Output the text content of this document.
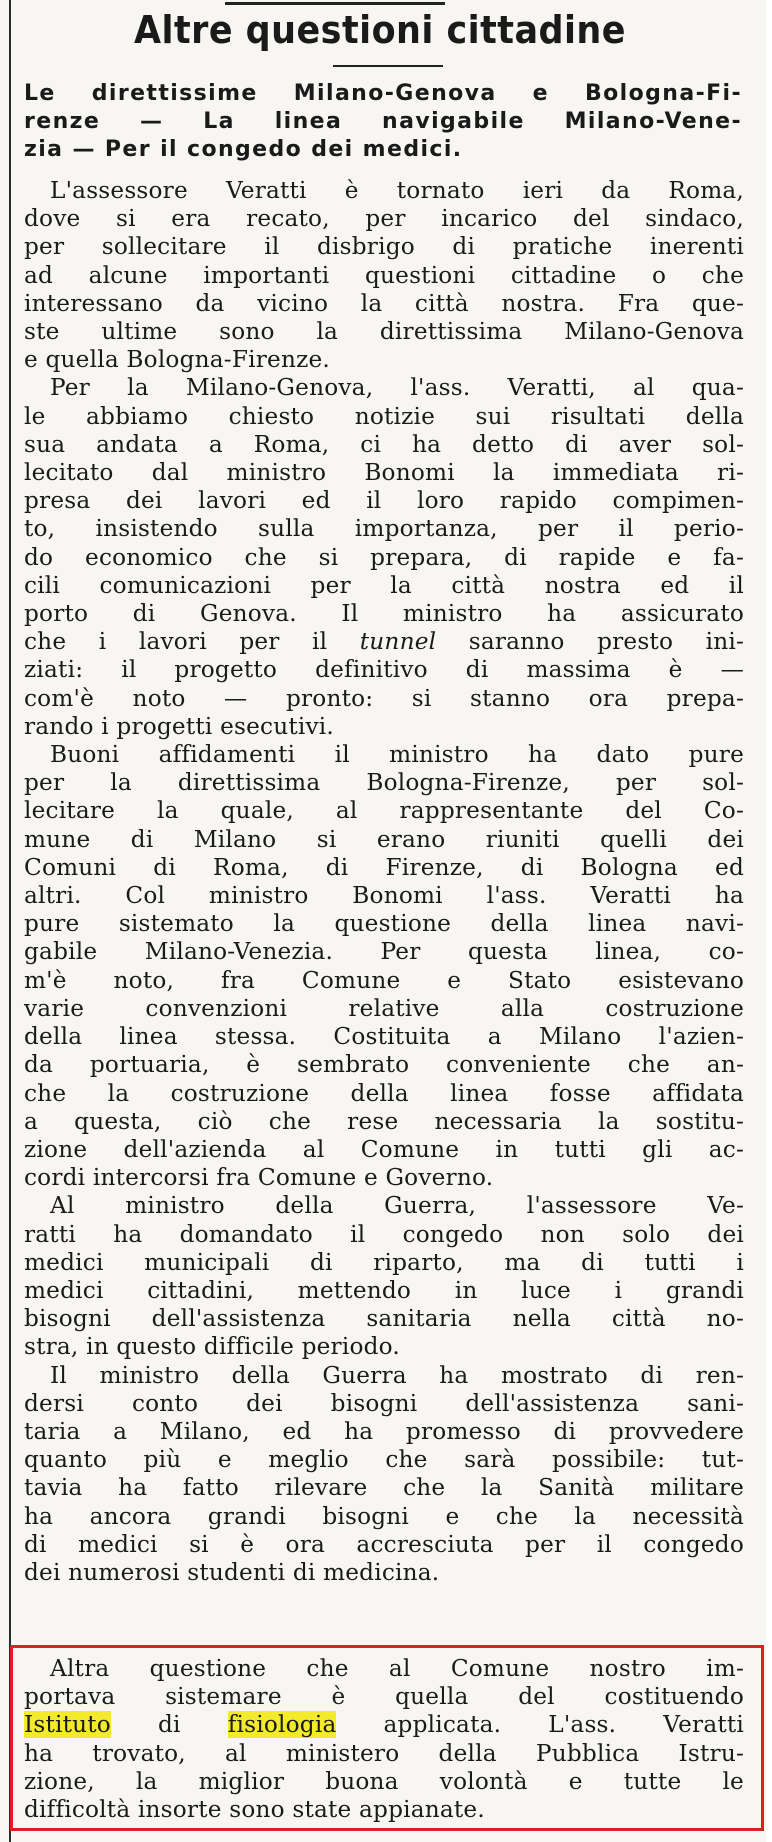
Altre questioni cittadine
Le direttissime Milano-Genova e Bologna-Fi-
renze — La linea navigabile Milano-Vene-
zia — Per il congedo dei medici.
L'assessore Veratti è tornato ieri da Roma,
dove si era recato, per incarico del sindaco,
per sollecitare il disbrigo di pratiche inerenti
ad alcune importanti questioni cittadine o che
interessano da vicino la città nostra. Fra que-
ste ultime sono la direttissima Milano-Genova
e quella Bologna-Firenze.
Per la Milano-Genova, l'ass. Veratti, al qua-
le abbiamo chiesto notizie sui risultati della
sua andata a Roma, ci ha detto di aver sol-
lecitato dal ministro Bonomi la immediata ri-
presa dei lavori ed il loro rapido compimen-
to, insistendo sulla importanza, per il perio-
do economico che si prepara, di rapide e fa-
cili comunicazioni per la città nostra ed il
porto di Genova. Il ministro ha assicurato
che i lavori per il tunnel saranno presto ini-
ziati: il progetto definitivo di massima è —
com'è noto — pronto: si stanno ora prepa-
rando i progetti esecutivi.
Buoni affidamenti il ministro ha dato pure
per la direttissima Bologna-Firenze, per sol-
lecitare la quale, al rappresentante del Co-
mune di Milano si erano riuniti quelli dei
Comuni di Roma, di Firenze, di Bologna ed
altri. Col ministro Bonomi l'ass. Veratti ha
pure sistemato la questione della linea navi-
gabile Milano-Venezia. Per questa linea, co-
m'è noto, fra Comune e Stato esistevano
varie convenzioni relative alla costruzione
della linea stessa. Costituita a Milano l'azien-
da portuaria, è sembrato conveniente che an-
che la costruzione della linea fosse affidata
a questa, ciò che rese necessaria la sostitu-
zione dell'azienda al Comune in tutti gli ac-
cordi intercorsi fra Comune e Governo.
Al ministro della Guerra, l'assessore Ve-
ratti ha domandato il congedo non solo dei
medici municipali di riparto, ma di tutti i
medici cittadini, mettendo in luce i grandi
bisogni dell'assistenza sanitaria nella città no-
stra, in questo difficile periodo.
Il ministro della Guerra ha mostrato di ren-
dersi conto dei bisogni dell'assistenza sani-
taria a Milano, ed ha promesso di provvedere
quanto più e meglio che sarà possibile: tut-
tavia ha fatto rilevare che la Sanità militare
ha ancora grandi bisogni e che la necessità
di medici si è ora accresciuta per il congedo
dei numerosi studenti di medicina.
Altra questione che al Comune nostro im-
portava sistemare è quella del costituendo
Istituto di fisiologia applicata. L'ass. Veratti
ha trovato, al ministero della Pubblica Istru-
zione, la miglior buona volontà e tutte le
difficoltà insorte sono state appianate.
